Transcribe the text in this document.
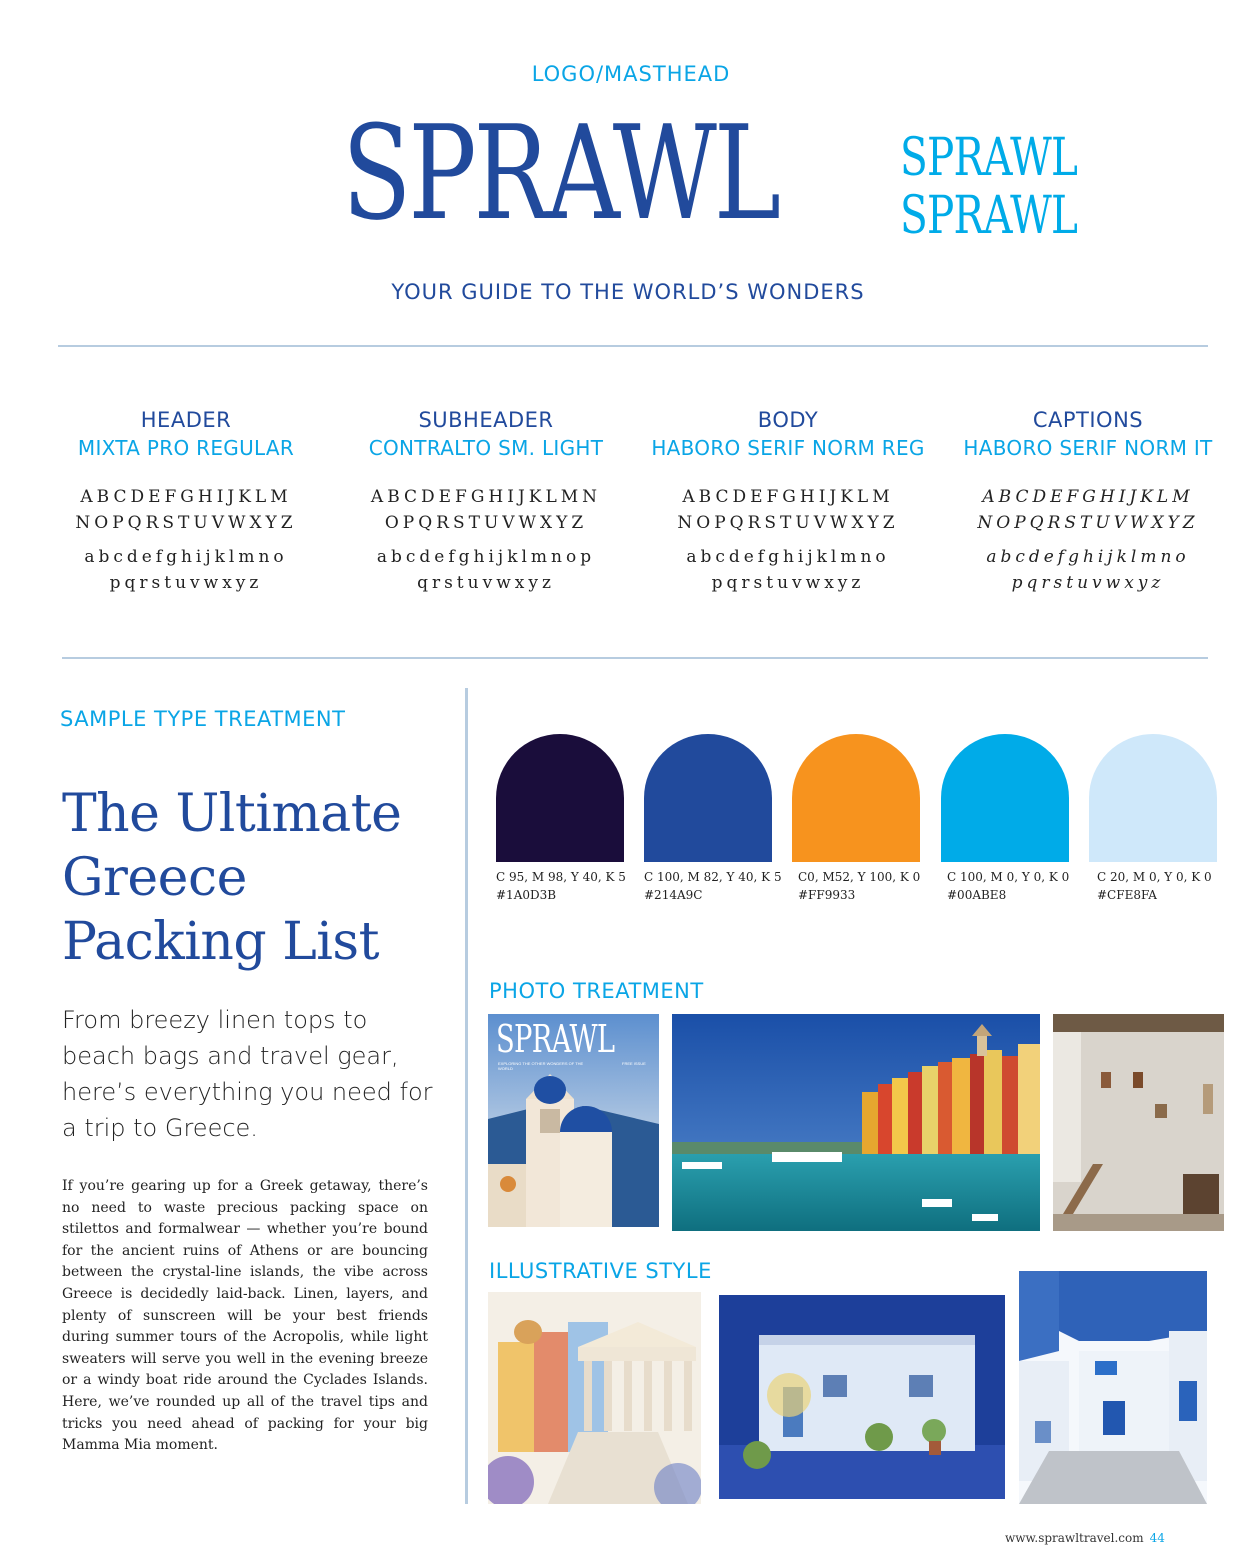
LOGO/MASTHEAD
SPRAWL SPRAWL
SPRAWL
YOUR GUIDE TO THE WORLD’S WONDERS
HEADER
MIXTA PRO REGULAR
ABCDEFGHIJKLM
NOPQRSTUVWXYZ
abcdefghijklmno
pqrstuvwxyz
SUBHEADER
CONTRALTO SM. LIGHT
ABCDEFGHIJKLMN
OPQRSTUVWXYZ
abcdefghijklmnop
qrstuvwxyz
BODY
HABORO SERIF NORM REG
ABCDEFGHIJKLM
NOPQRSTUVWXYZ
abcdefghijklmno
pqrstuvwxyz
CAPTIONS
HABORO SERIF NORM IT
ABCDEFGHIJKLM
NOPQRSTUVWXYZ
abcdefghijklmno
pqrstuvwxyz
SAMPLE TYPE TREATMENT
The Ultimate Greece Packing List
From breezy linen tops to beach bags and travel gear, here’s everything you need for a trip to Greece.
If you’re gearing up for a Greek getaway, there’s no need to waste precious packing space on stilettos and formalwear — whether you’re bound for the ancient ruins of Athens or are bouncing between the crystal-line islands, the vibe across Greece is decidedly laid-back. Linen, layers, and plenty of sunscreen will be your best friends during summer tours of the Acropolis, while light sweaters will serve you well in the evening breeze or a windy boat ride around the Cyclades Islands. Here, we’ve rounded up all of the travel tips and tricks you need ahead of packing for your big Mamma Mia moment.
C 95, M 98, Y 40, K 5
#1A0D3B
C 100, M 82, Y 40, K 5
#214A9C
C0, M52, Y 100, K 0
#FF9933
C 100, M 0, Y 0, K 0
#00ABE8
C 20, M 0, Y 0, K 0
#CFE8FA
PHOTO TREATMENT
SPRAWL
EXPLORING THE OTHER WONDERS OF THE WORLD
FREE ISSUE
ILLUSTRATIVE STYLE
www.sprawltravel.com 44
